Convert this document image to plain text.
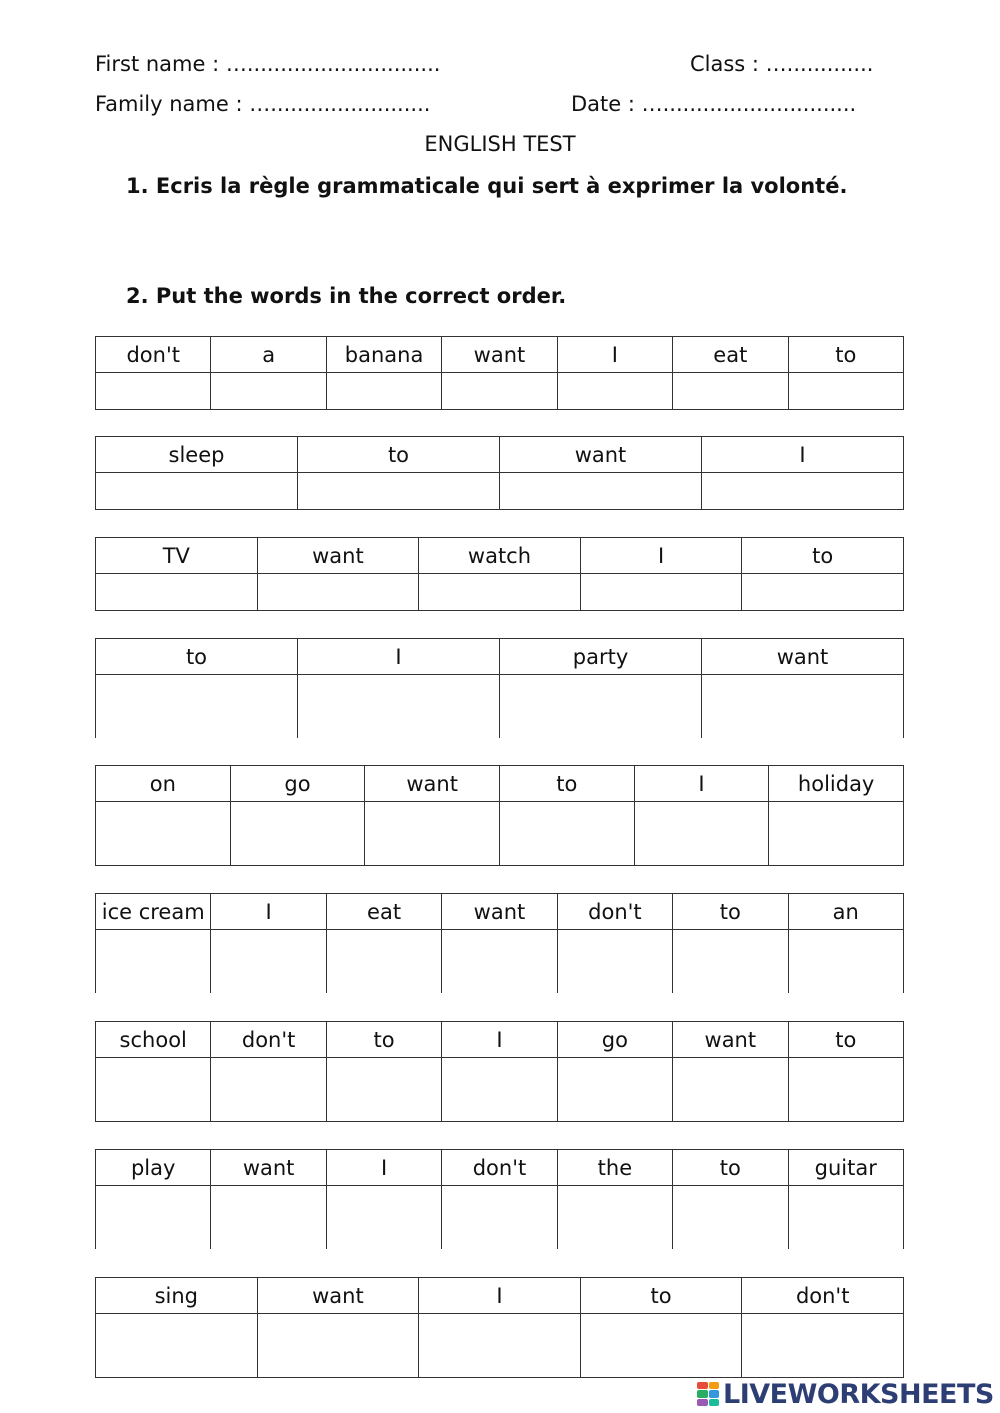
First name : ….............................	Class : ….............
Family name : …........................	Date : ….............................
ENGLISH TEST
1. Ecris la règle grammaticale qui sert à exprimer la volonté.
2. Put the words in the correct order.
don't	a	banana	want	I	eat	to

sleep	to	want	I

TV	want	watch	I	to

to	I	party	want

on	go	want	to	I	holiday

ice cream	I	eat	want	don't	to	an

school	don't	to	I	go	want	to

play	want	I	don't	the	to	guitar

sing	want	I	to	don't

LIVEWORKSHEETS
